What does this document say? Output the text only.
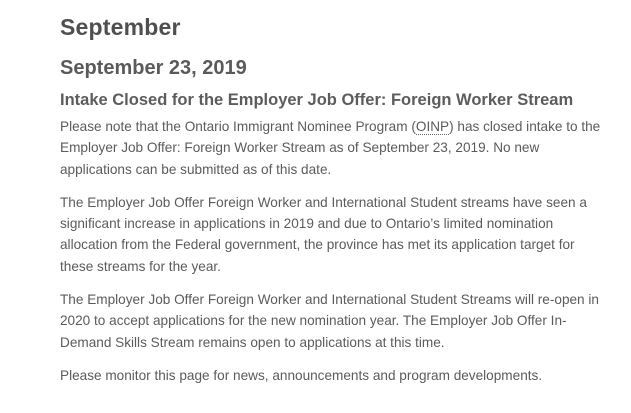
September
September 23, 2019
Intake Closed for the Employer Job Offer: Foreign Worker Stream

Please note that the Ontario Immigrant Nominee Program (OINP) has closed intake to the Employer Job Offer: Foreign Worker Stream as of September 23, 2019. No new applications can be submitted as of this date.

The Employer Job Offer Foreign Worker and International Student streams have seen a significant increase in applications in 2019 and due to Ontario’s limited nomination allocation from the Federal government, the province has met its application target for these streams for the year.

The Employer Job Offer Foreign Worker and International Student Streams will re-open in 2020 to accept applications for the new nomination year. The Employer Job Offer In-Demand Skills Stream remains open to applications at this time.

Please monitor this page for news, announcements and program developments.
